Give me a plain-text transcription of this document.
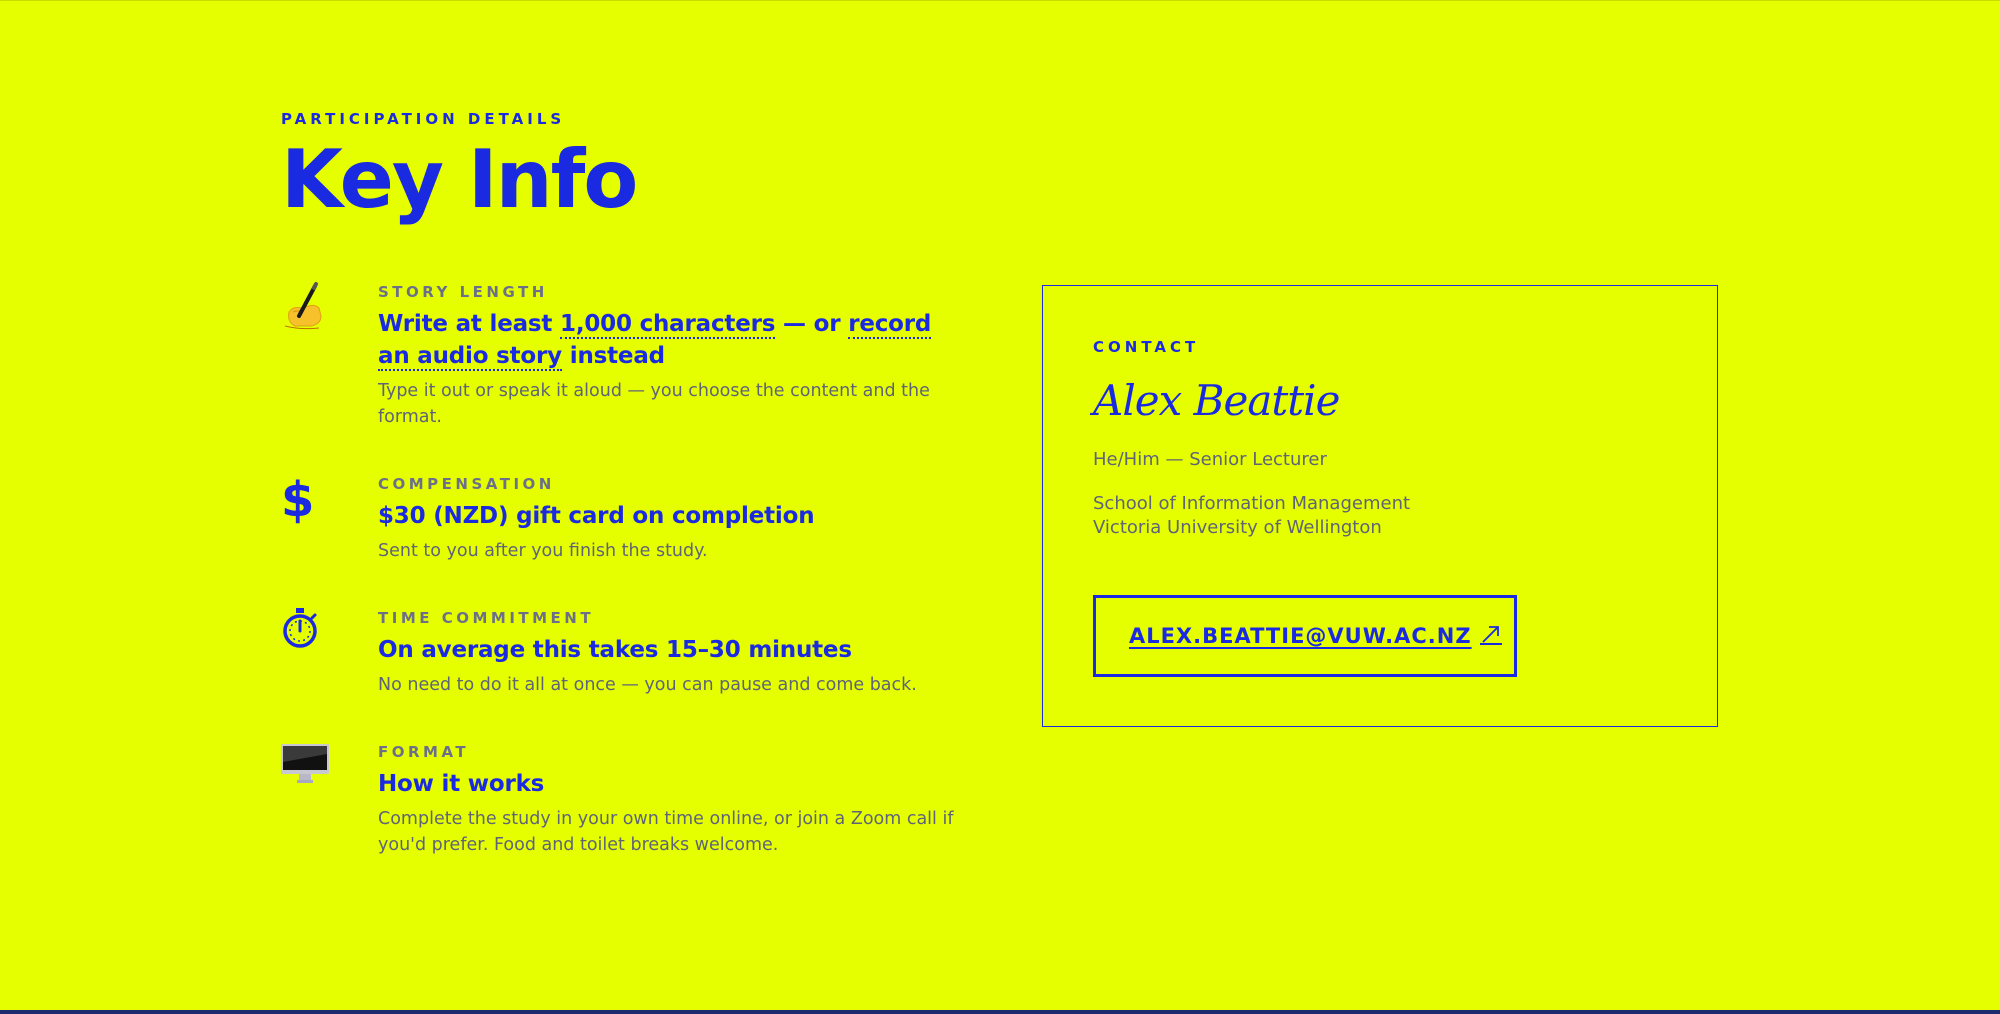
PARTICIPATION DETAILS

Key Info

STORY LENGTH

Write at least 1,000 characters — or record an audio story instead

Type it out or speak it aloud — you choose the content and the format.

$	COMPENSATION

$30 (NZD) gift card on completion

Sent to you after you finish the study.

TIME COMMITMENT

On average this takes 15–30 minutes

No need to do it all at once — you can pause and come back.

FORMAT

How it works

Complete the study in your own time online, or join a Zoom call if you'd prefer. Food and toilet breaks welcome.

CONTACT

Alex Beattie

He/Him — Senior Lecturer

School of Information Management
Victoria University of Wellington
ALEX.BEATTIE@VUW.AC.NZ
